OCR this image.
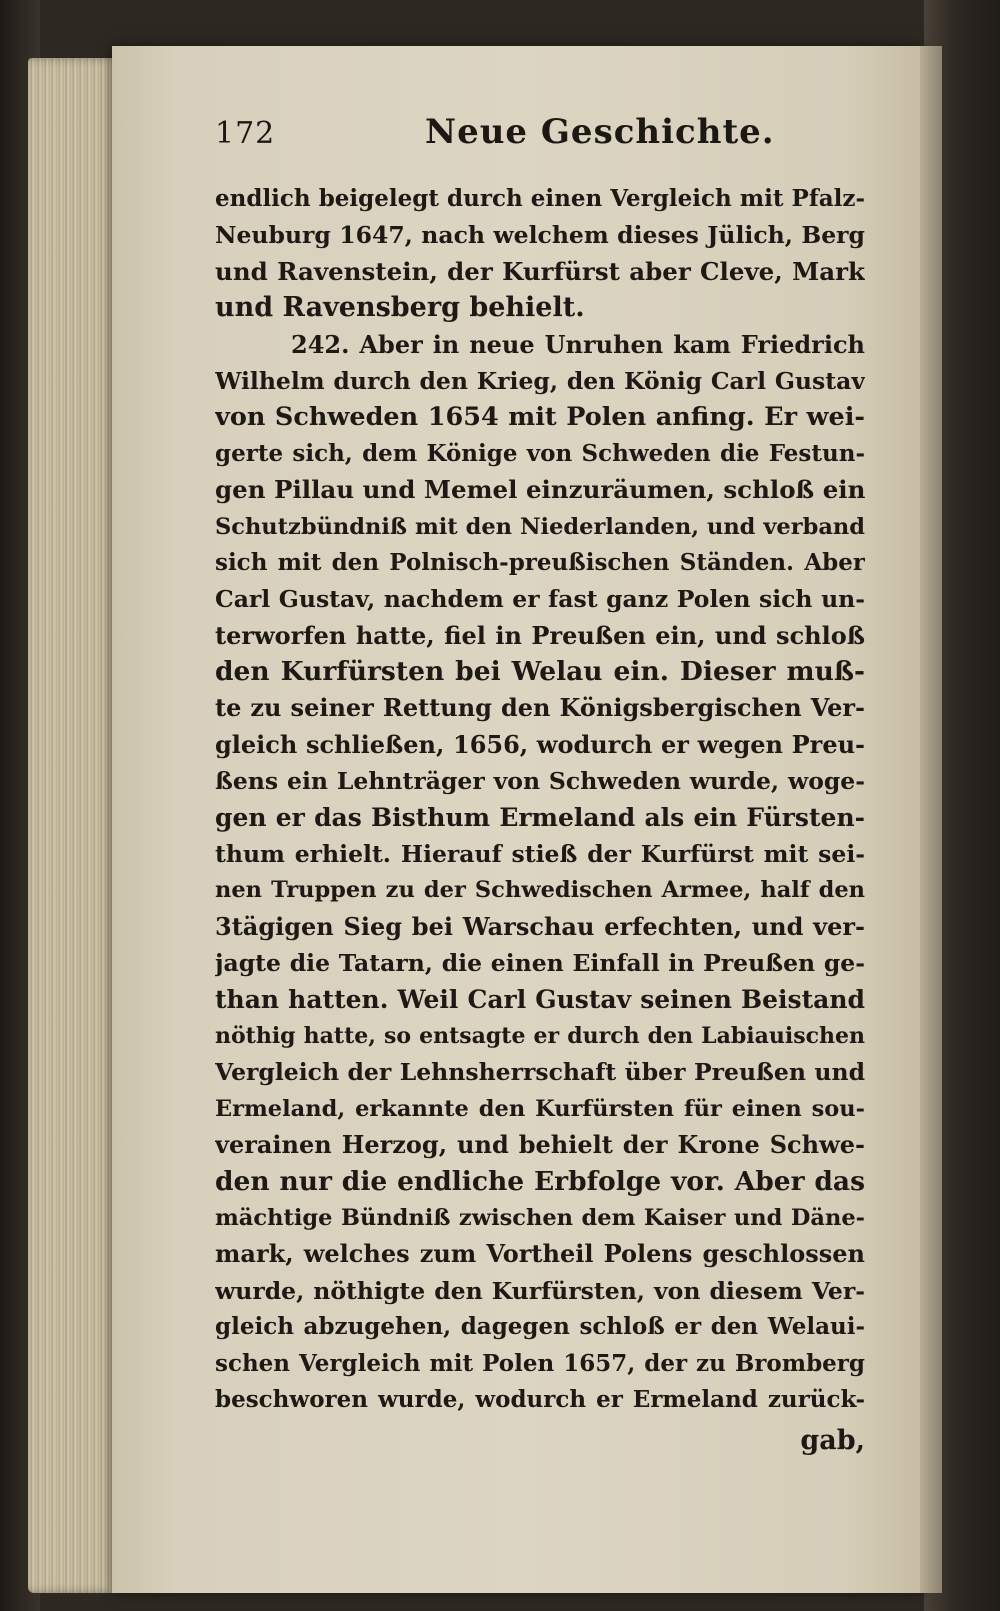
172	Neue Geschichte.
endlich beigelegt durch einen Vergleich mit Pfalz-
Neuburg 1647, nach welchem dieses Jülich, Berg
und Ravenstein, der Kurfürst aber Cleve, Mark
und Ravensberg behielt.
242. Aber in neue Unruhen kam Friedrich
Wilhelm durch den Krieg, den König Carl Gustav
von Schweden 1654 mit Polen anfing. Er wei-
gerte sich, dem Könige von Schweden die Festun-
gen Pillau und Memel einzuräumen, schloß ein
Schutzbündniß mit den Niederlanden, und verband
sich mit den Polnisch-preußischen Ständen. Aber
Carl Gustav, nachdem er fast ganz Polen sich un-
terworfen hatte, fiel in Preußen ein, und schloß
den Kurfürsten bei Welau ein. Dieser muß-
te zu seiner Rettung den Königsbergischen Ver-
gleich schließen, 1656, wodurch er wegen Preu-
ßens ein Lehnträger von Schweden wurde, woge-
gen er das Bisthum Ermeland als ein Fürsten-
thum erhielt. Hierauf stieß der Kurfürst mit sei-
nen Truppen zu der Schwedischen Armee, half den
3tägigen Sieg bei Warschau erfechten, und ver-
jagte die Tatarn, die einen Einfall in Preußen ge-
than hatten. Weil Carl Gustav seinen Beistand
nöthig hatte, so entsagte er durch den Labiauischen
Vergleich der Lehnsherrschaft über Preußen und
Ermeland, erkannte den Kurfürsten für einen sou-
verainen Herzog, und behielt der Krone Schwe-
den nur die endliche Erbfolge vor. Aber das
mächtige Bündniß zwischen dem Kaiser und Däne-
mark, welches zum Vortheil Polens geschlossen
wurde, nöthigte den Kurfürsten, von diesem Ver-
gleich abzugehen, dagegen schloß er den Welaui-
schen Vergleich mit Polen 1657, der zu Bromberg
beschworen wurde, wodurch er Ermeland zurück-
gab,
